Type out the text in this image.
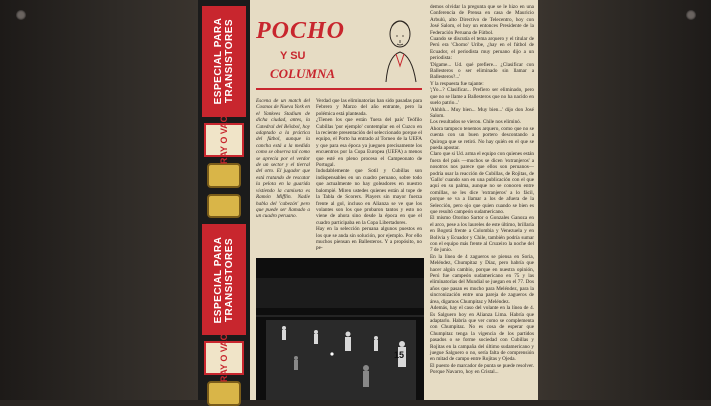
ESPECIAL PARA TRANSISTORES
RAY O VAC
ESPECIAL PARA TRANSISTORES
RAY O VAC
POCHO
Y SU
COLUMNA
Escena de un match del Cosmos de Nueva York en el Yankees Stadium de dicha ciudad, antes, la Catedral del Béisbol, hoy adaptado a la práctica del fútbol, aunque la cancha está a la medida como se observa tal como se aprecia por el verdor de un sector y el tierral del otro. El jugador que está tratando de rescatar la pelota en la guarida vistiendo la camiseta es Ramón Mifflin. Nadie habla del 'cabezón' pero que puede ser llamado a un cuadro peruano.
Verdad que las eliminatorias han sido pasadas para Febrero y Marzo del año entrante, pero la polémica está planteada.
¿Tienen los que están 'fuera del país' Teófilo Cubillas 'por ejemplo' contemplar en el Cuzco en la reciente presentación del seleccionado porque el equipo, el Porto ha entrado al Torneo de la UEFA y que para esa época ya jueguen precisamente los encuentros por la Copa Europea (UEFA) a menos que esté en pleno proceso el Campeonato de Portugal.
Indudablemente que Sotil y Cubillas son indispensables en un cuadro peruano, sobre todo que actualmente no hay goleadores en nuestro balompié. Miren ustedes quienes están al tope de la Tabla de Scorers. Players sin mayor fuerza frente al gol, incluso en Alianza se ve que los volantes son los que probaron tantos y esto no viene de ahora sino desde la época en que el cuadro participaba en la Copa Libertadores.
Hay en la selección peruana algunos puestos en los que se anda sin solución, por ejemplo. Por ello muchos piensan en Ballesteros. Y a propósito, no pe-
demos olvidar la pregunta que se le hizo en una Conferencia de Prensa en casa de Mauricio Arbulú, alto Directivo de Telecentro, hoy con José Salom, el hoy un entonces Presidente de la Federación Peruana de Fútbol.
Cuando se discutía el tema arquero y el titular de Perú era 'Chomo' Uribe, ¿hay en el fútbol de Ecuador, el periodista muy peruano dijo a un periodista:
'Dígame... Ud. qué prefiere... ¿Clasificar con Ballesteros o ser eliminado sin llamar a Ballesteros?...'
Y la respuesta fue tajante:
'¡Yo...? Clasificar... Prefiero ser eliminado, pero que no se llame a Ballesteros que no ha nacido en suelo patrio...'
'Ahhhh... Muy bien... Muy bien...' dijo don José Salom.
Los resultados se vieron. Chile nos eliminó.
Ahora tampoco tenemos arquero, como que no se cuenta con un buen portero descontando a Quiroga que se retiró. No hay quién en el que se pueda apostar.
Claro que si Ud. arma el equipo con quienes están fuera del país —muchos se dicen 'extranjeros' a nosotros nos parece que ellos son peruanos— podría usar la reacción de Cubillas, de Rojitas, de 'Gallo' cuando son en una publicación con el que aquí en su palma, aunque no se conocen entre comillas, se les dice 'extranjeros' a lo fácil, porque se va a llamar a los de afuera de la Selección, pero ojo que quien cuando se bien es que resultó campeón sudamericano.
El mismo Otorino Sartor o Gonzales Ganoza en el arco, pese a los laureles de este último, brillaría en Bogotá frente a Colombia y Venezuela y en Bolivia y Ecuador y Chile, también podría sumar con el equipo más frente al Cruzeiro la noche del 7 de junio.
En la línea de 4 zagueros se piensa en Soria, Meléndez, Chumpitaz y Díaz, pero habría que hacer algún cambio, porque en nuestra opinión, Perú fue campeón sudamericano en 75 y las eliminatorias del Mundial se juegan en el 77. Dos años que pasan es mucho para Meléndez, para la sincronización entre una pareja de zagueros de área, digamos Chumpitaz y Meléndez.
Además, hay el caso del volante en la línea de 4. Es Salguero hoy en Alianza Lima. Habría que adaptarlo. Habría que ver como se complementa con Chumpitaz. No es cosa de esperar que Chumpitaz tenga la vigencia de los partidos pasados o se forme sociedad con Cubillas y Rojitas en la campaña del último sudamericano y juegue Salguero o no, sería falta de comprensión en mitad de campo entre Rojitas y Ojeda.
El puesto de marcador de punta se puede resolver. Porque Navarro, hoy en Cristal...
15
